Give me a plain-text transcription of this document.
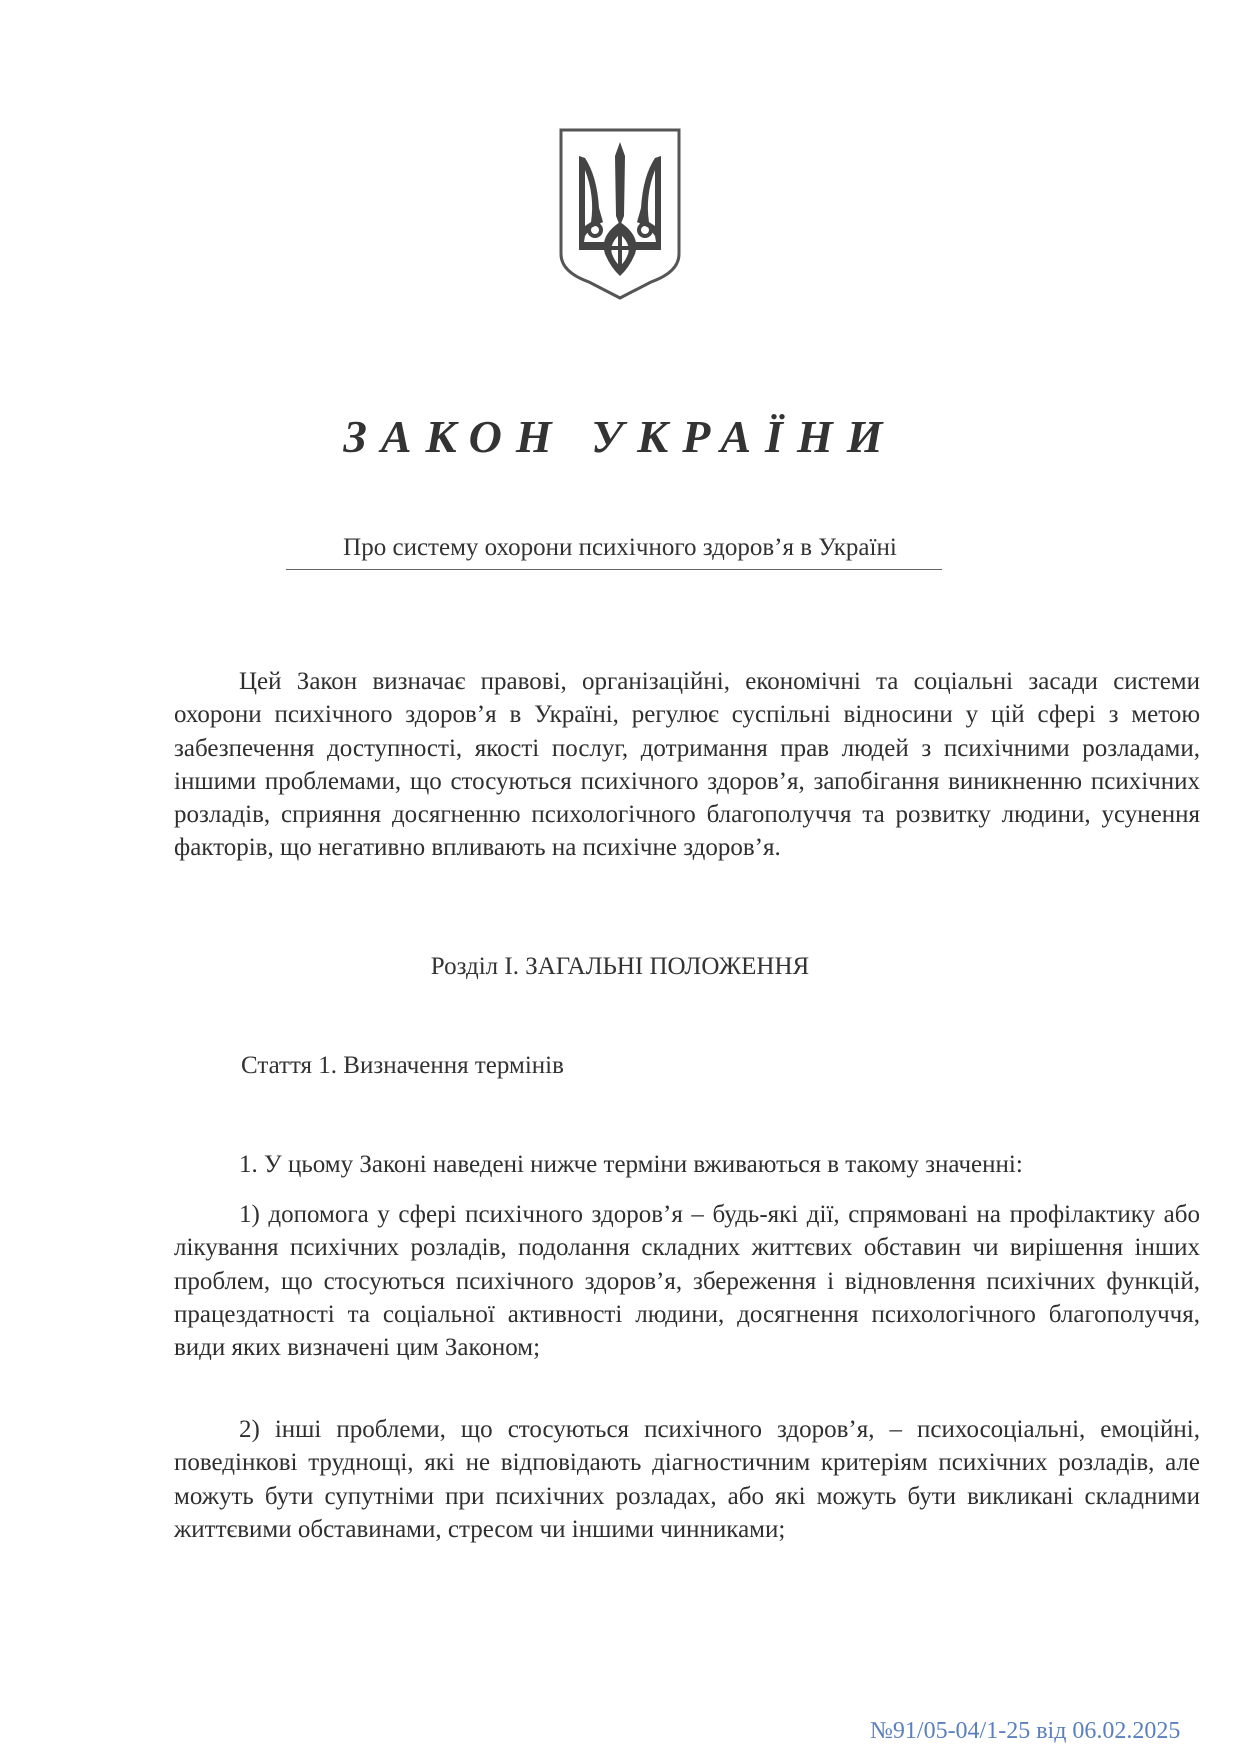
ЗАКОН УКРАЇНИ
Про систему охорони психічного здоров’я в Україні

Цей Закон визначає правові, організаційні, економічні та соціальні засади системи охорони психічного здоров’я в Україні, регулює суспільні відносини у цій сфері з метою забезпечення доступності, якості послуг, дотримання прав людей з психічними розладами, іншими проблемами, що стосуються психічного здоров’я, запобігання виникненню психічних розладів, сприяння досягненню психологічного благополуччя та розвитку людини, усунення факторів, що негативно впливають на психічне здоров’я.

Розділ І. ЗАГАЛЬНІ ПОЛОЖЕННЯ
Стаття 1. Визначення термінів

1. У цьому Законі наведені нижче терміни вживаються в такому значенні:

1) допомога у сфері психічного здоров’я – будь-які дії, спрямовані на профілактику або лікування психічних розладів, подолання складних життєвих обставин чи вирішення інших проблем, що стосуються психічного здоров’я, збереження і відновлення психічних функцій, працездатності та соціальної активності людини, досягнення психологічного благополуччя, види яких визначені цим Законом;

2) інші проблеми, що стосуються психічного здоров’я, – психосоціальні, емоційні, поведінкові труднощі, які не відповідають діагностичним критеріям психічних розладів, але можуть бути супутніми при психічних розладах, або які можуть бути викликані складними життєвими обставинами, стресом чи іншими чинниками;

№91/05-04/1-25 від 06.02.2025
